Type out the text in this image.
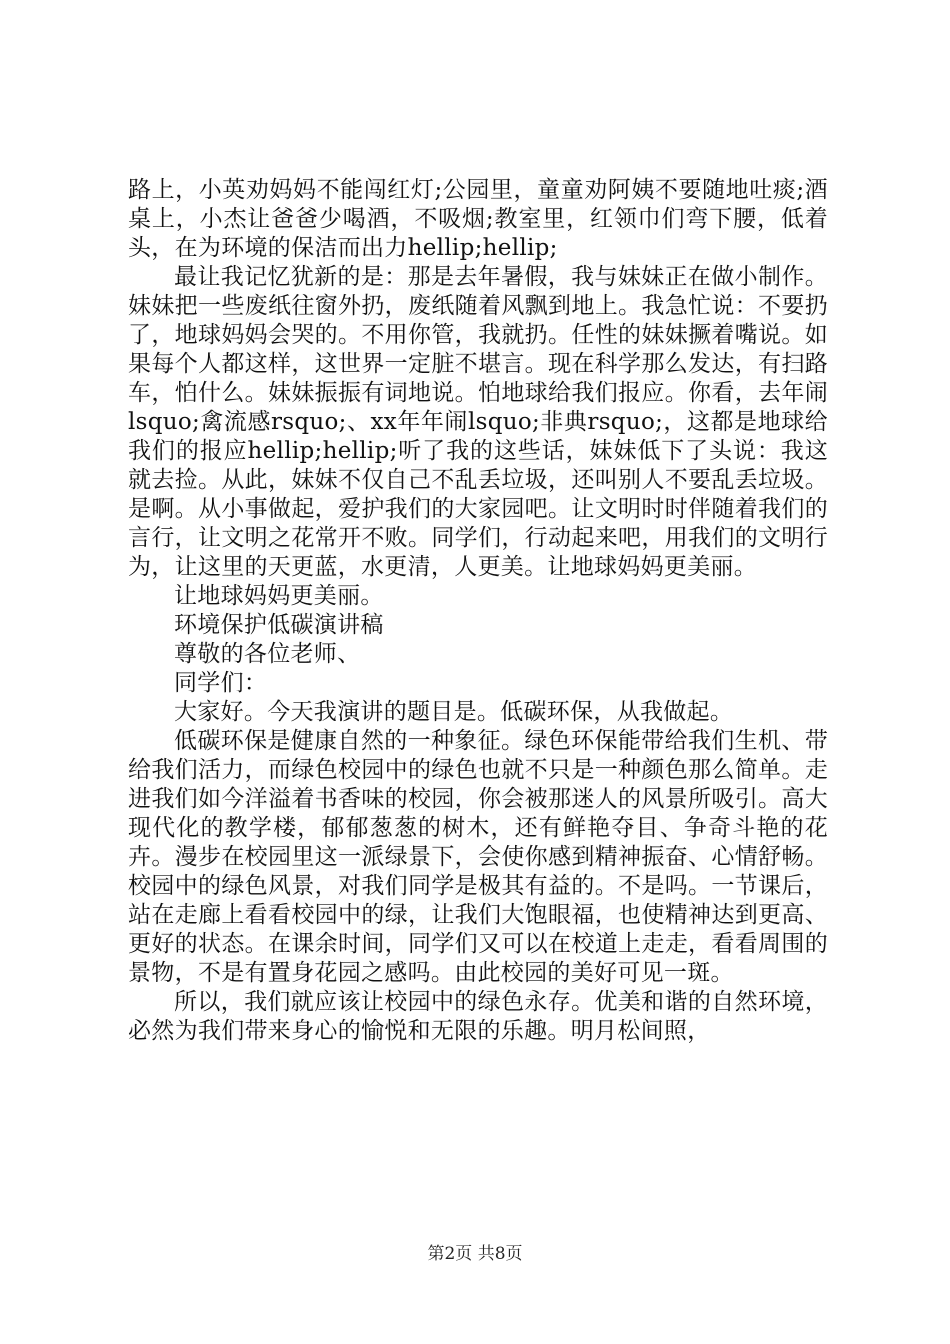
路上，小英劝妈妈不能闯红灯;公园里，童童劝阿姨不要随地吐痰;酒桌上，小杰让爸爸少喝酒，不吸烟;教室里，红领巾们弯下腰，低着头，在为环境的保洁而出力hellip;hellip;

最让我记忆犹新的是：那是去年暑假，我与妹妹正在做小制作。妹妹把一些废纸往窗外扔，废纸随着风飘到地上。我急忙说：不要扔了，地球妈妈会哭的。不用你管，我就扔。任性的妹妹撅着嘴说。如果每个人都这样，这世界一定脏不堪言。现在科学那么发达，有扫路车，怕什么。妹妹振振有词地说。怕地球给我们报应。你看，去年闹lsquo;禽流感rsquo;、xx年年闹lsquo;非典rsquo;，这都是地球给我们的报应hellip;hellip;听了我的这些话，妹妹低下了头说：我这就去捡。从此，妹妹不仅自己不乱丢垃圾，还叫别人不要乱丢垃圾。是啊。从小事做起，爱护我们的大家园吧。让文明时时伴随着我们的言行，让文明之花常开不败。同学们，行动起来吧，用我们的文明行为，让这里的天更蓝，水更清，人更美。让地球妈妈更美丽。

让地球妈妈更美丽。

环境保护低碳演讲稿

尊敬的各位老师、

同学们：

大家好。今天我演讲的题目是。低碳环保，从我做起。

低碳环保是健康自然的一种象征。绿色环保能带给我们生机、带给我们活力，而绿色校园中的绿色也就不只是一种颜色那么简单。走进我们如今洋溢着书香味的校园，你会被那迷人的风景所吸引。高大现代化的教学楼，郁郁葱葱的树木，还有鲜艳夺目、争奇斗艳的花卉。漫步在校园里这一派绿景下，会使你感到精神振奋、心情舒畅。校园中的绿色风景，对我们同学是极其有益的。不是吗。一节课后，站在走廊上看看校园中的绿，让我们大饱眼福，也使精神达到更高、更好的状态。在课余时间，同学们又可以在校道上走走，看看周围的景物，不是有置身花园之感吗。由此校园的美好可见一斑。

所以，我们就应该让校园中的绿色永存。优美和谐的自然环境，必然为我们带来身心的愉悦和无限的乐趣。明月松间照，

第2页 共8页
